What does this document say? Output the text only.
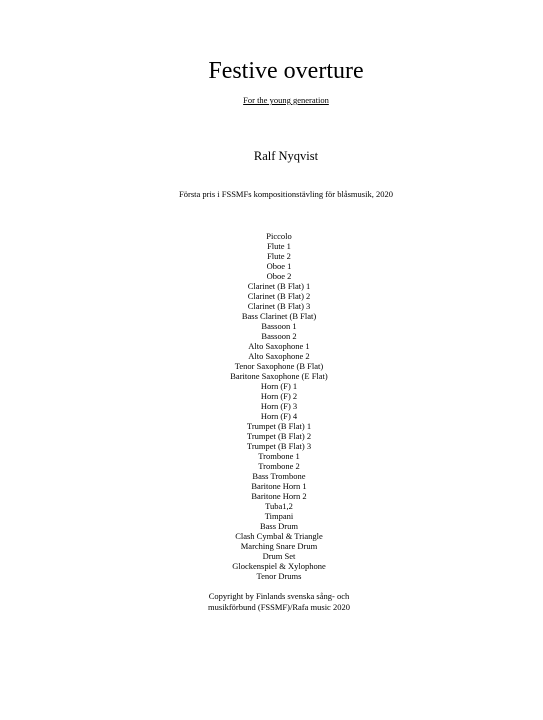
Festive overture
For the young generation
Ralf Nyqvist
Första pris i FSSMFs kompositionstävling för blåsmusik, 2020
Piccolo
Flute 1
Flute 2
Oboe 1
Oboe 2
Clarinet (B Flat) 1
Clarinet (B Flat) 2
Clarinet (B Flat) 3
Bass Clarinet (B Flat)
Bassoon 1
Bassoon 2
Alto Saxophone 1
Alto Saxophone 2
Tenor Saxophone (B Flat)
Baritone Saxophone (E Flat)
Horn (F) 1
Horn (F) 2
Horn (F) 3
Horn (F) 4
Trumpet (B Flat) 1
Trumpet (B Flat) 2
Trumpet (B Flat) 3
Trombone 1
Trombone 2
Bass Trombone
Baritone Horn 1
Baritone Horn 2
Tuba1,2
Timpani
Bass Drum
Clash Cymbal & Triangle
Marching Snare Drum
Drum Set
Glockenspiel & Xylophone
Tenor Drums
Copyright by Finlands svenska sång- och
musikförbund (FSSMF)/Rafa music 2020
